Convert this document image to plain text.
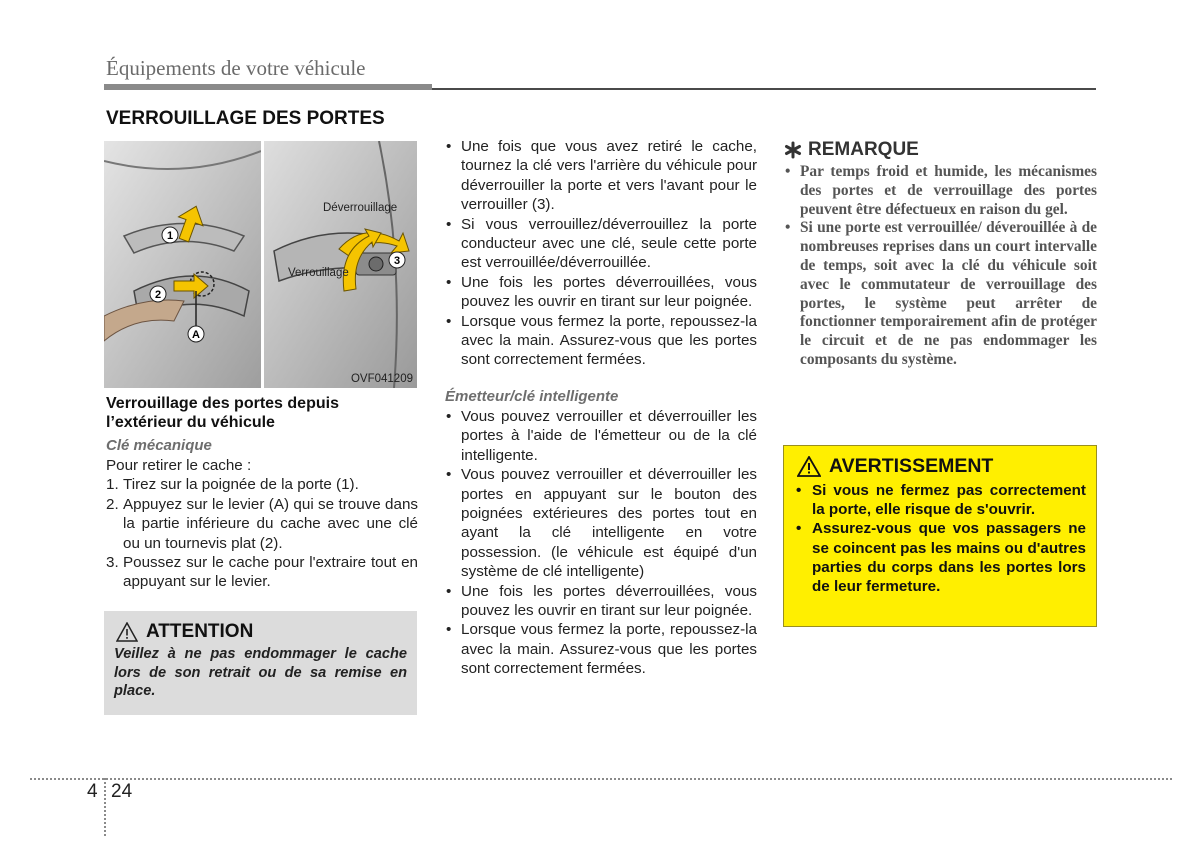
Équipements de votre véhicule
VERROUILLAGE DES PORTES
1
2
A
3
Déverrouillage
Verrouillage
OVF041209
Verrouillage des portes depuis l’extérieur du véhicule
Clé mécanique
Pour retirer le cache :
1. Tirez sur la poignée de la porte (1).
2. Appuyez sur le levier (A) qui se trouve dans la partie inférieure du cache avec une clé ou un tournevis plat (2).
3. Poussez sur le cache pour l'extraire tout en appuyant sur le levier.
ATTENTION
Veillez à ne pas endommager le cache lors de son retrait ou de sa remise en place.
• Une fois que vous avez retiré le cache, tournez la clé vers l'arrière du véhicule pour déverrouiller la porte et vers l'avant pour le verrouiller (3).
• Si vous verrouillez/déverrouillez la porte conducteur avec une clé, seule cette porte est verrouillée/déverrouillée.
• Une fois les portes déverrouillées, vous pouvez les ouvrir en tirant sur leur poignée.
• Lorsque vous fermez la porte, repoussez-la avec la main. Assurez-vous que les portes sont correctement fermées.
Émetteur/clé intelligente
• Vous pouvez verrouiller et déverrouiller les portes à l'aide de l'émetteur ou de la clé intelligente.
• Vous pouvez verrouiller et déverrouiller les portes en appuyant sur le bouton des poignées extérieures des portes tout en ayant la clé intelligente en votre possession. (le véhicule est équipé d'un système de clé intelligente)
• Une fois les portes déverrouillées, vous pouvez les ouvrir en tirant sur leur poignée.
• Lorsque vous fermez la porte, repoussez-la avec la main. Assurez-vous que les portes sont correctement fermées.
REMARQUE
• Par temps froid et humide, les mécanismes des portes et de verrouillage des portes peuvent être défectueux en raison du gel.
• Si une porte est verrouillée/ déverouillée à de nombreuses reprises dans un court intervalle de temps, soit avec la clé du véhicule soit avec le commutateur de verrouillage des portes, le système peut arrêter de fonctionner temporairement afin de protéger le circuit et de ne pas endommager les composants du système.
AVERTISSEMENT
• Si vous ne fermez pas correctement la porte, elle risque de s'ouvrir.
• Assurez-vous que vos passagers ne se coincent pas les mains ou d'autres parties du corps dans les portes lors de leur fermeture.
4 24
